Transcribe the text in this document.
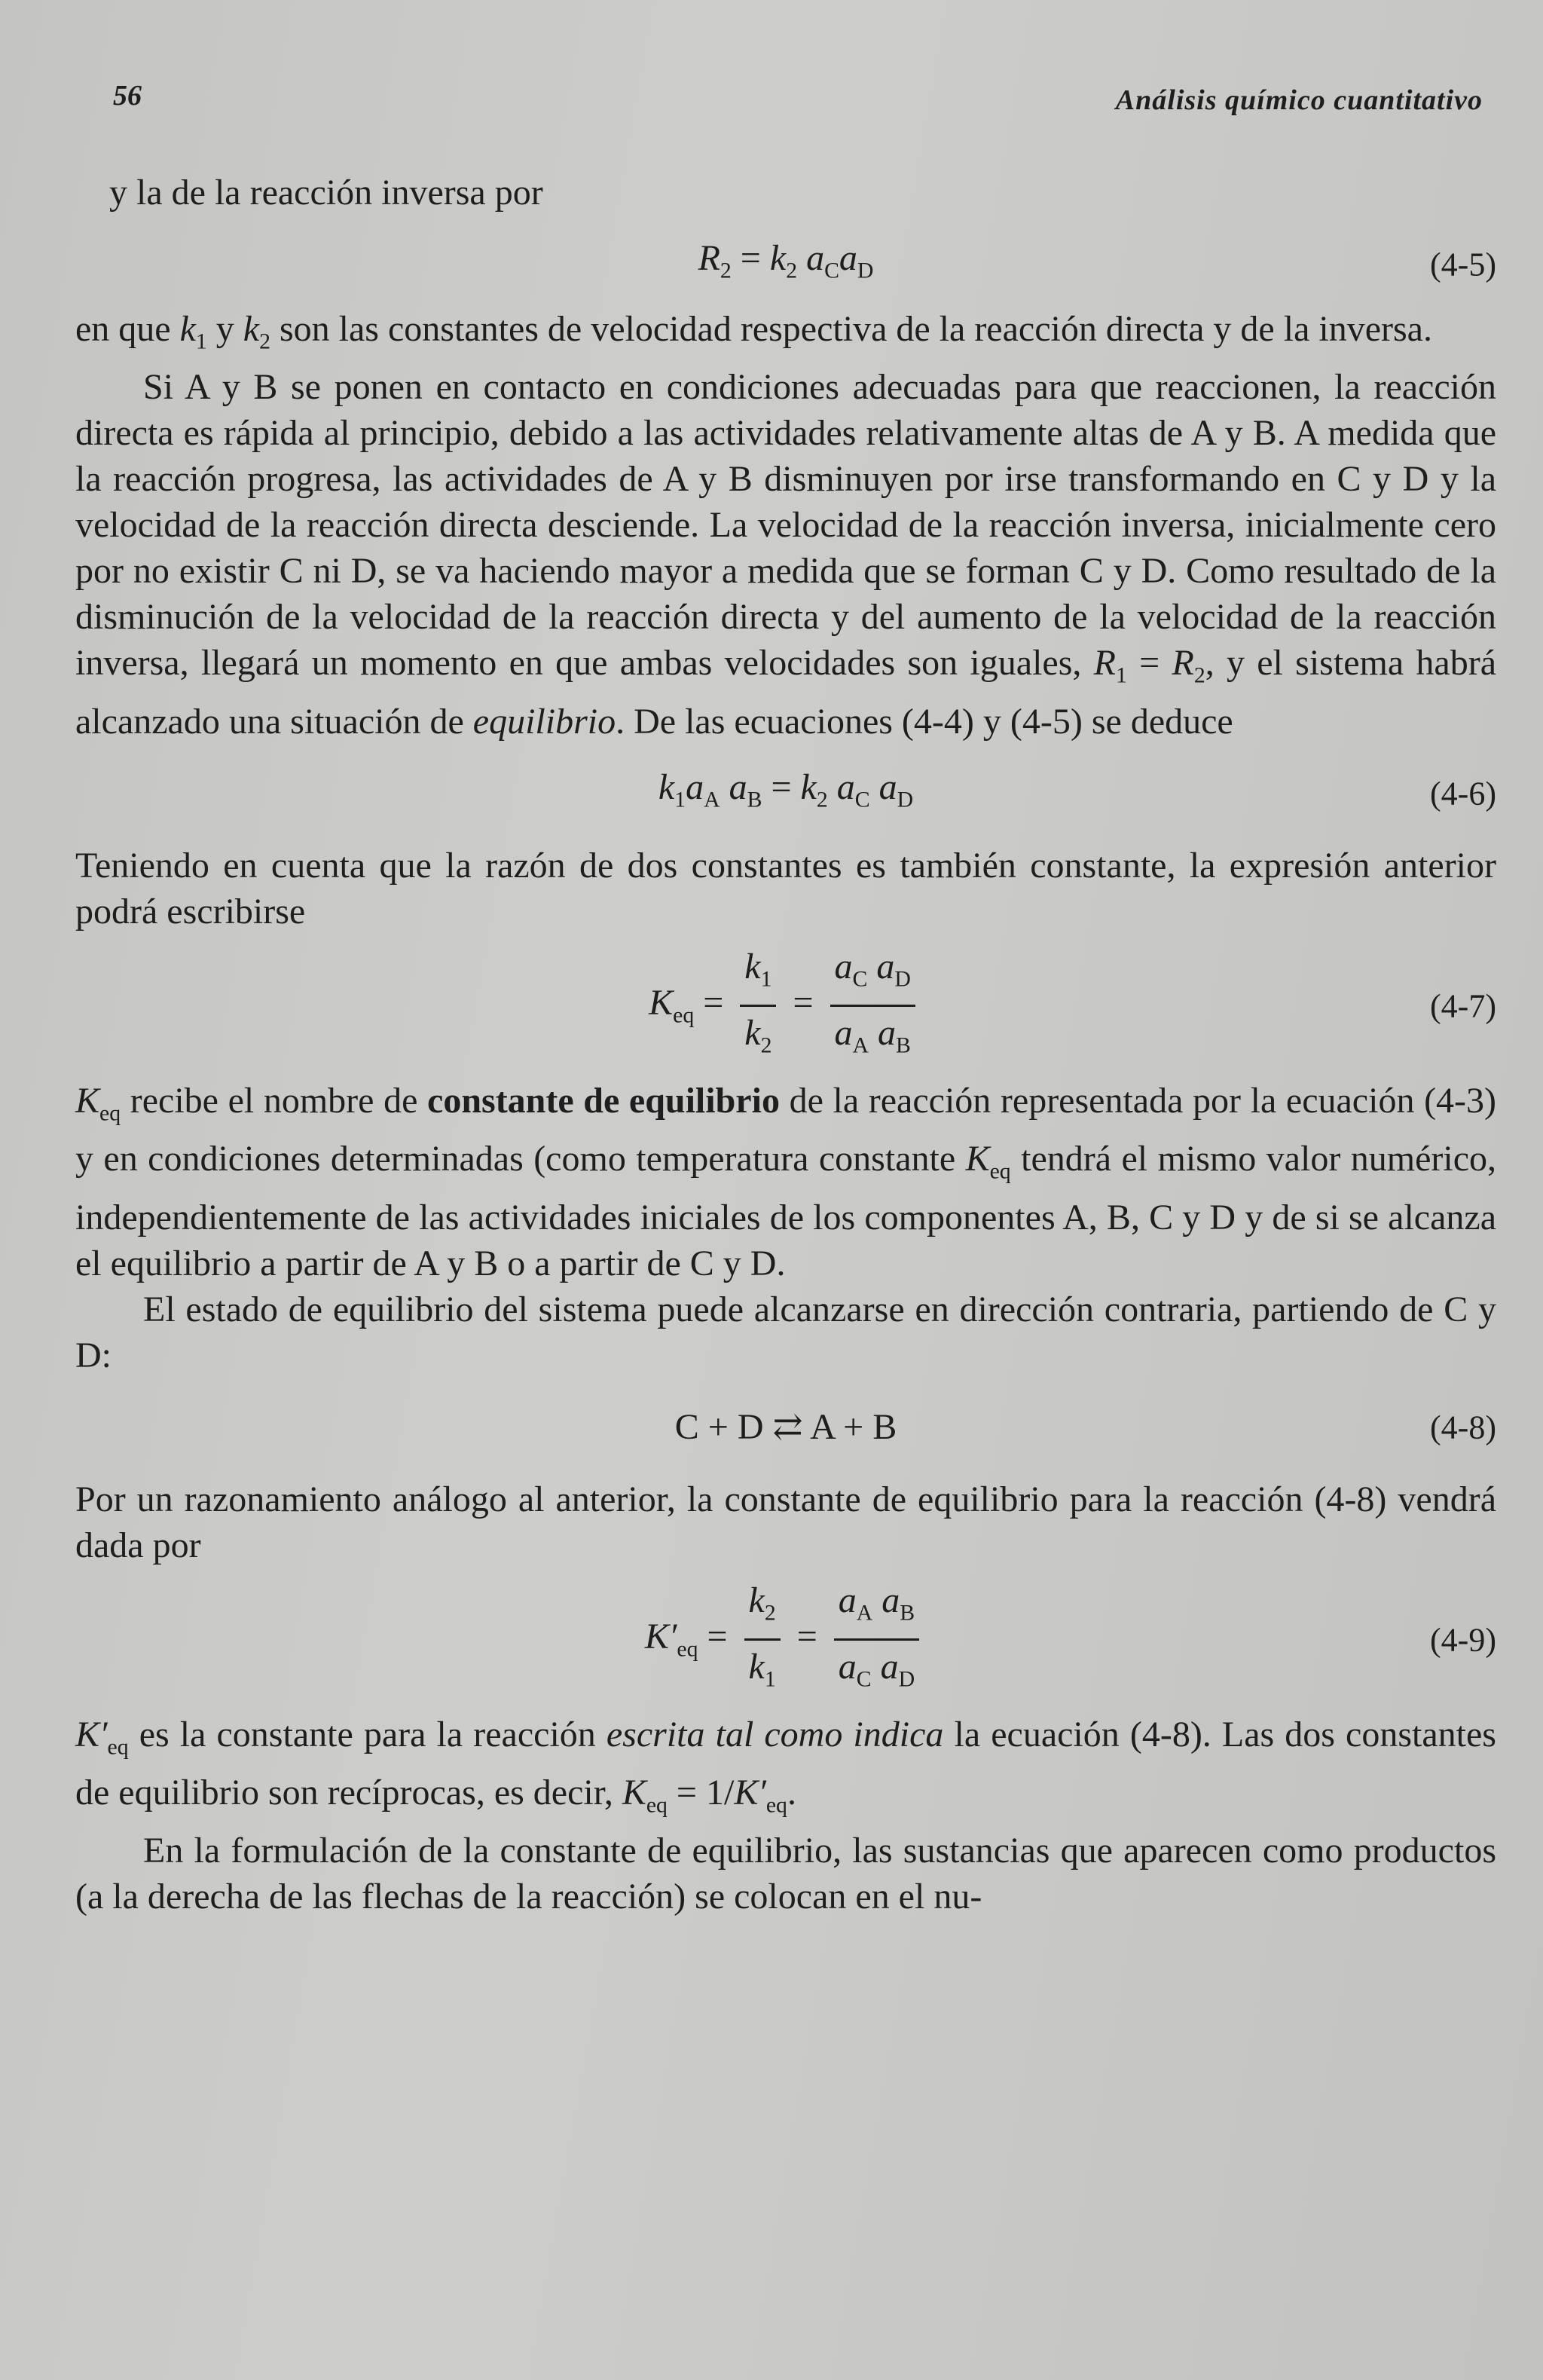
56	Análisis químico cuantitativo

y la de la reacción inversa por

$R_2 = k_2$ $a_Ca_D$	(4-5)

en que $k_1$ y $k_2$ son las constantes de velocidad respectiva de la reacción directa y de la inversa.

Si A y B se ponen en contacto en condiciones adecuadas para que reaccionen, la reacción directa es rápida al principio, debido a las actividades relativamente altas de A y B. A medida que la reacción progresa, las actividades de A y B disminuyen por irse transformando en C y D y la velocidad de la reacción directa desciende. La velocidad de la reacción inversa, inicialmente cero por no existir C ni D, se va haciendo mayor a medida que se forman C y D. Como resultado de la disminución de la velocidad de la reacción directa y del aumento de la velocidad de la reacción inversa, llegará un momento en que ambas velocidades son iguales, $R_1 = R_2$, y el sistema habrá alcanzado una situación de equilibrio. De las ecuaciones (4-4) y (4-5) se deduce

$k_1a_A$ $a_B = k_2$ $a_C$ $a_D$	(4-6)

Teniendo en cuenta que la razón de dos constantes es también constante, la expresión anterior podrá escribirse

$K_{eq} = \frac{k_1}{k_2} = \frac{a_C a_D}{a_A a_B}$	(4-7)

$K_{eq}$ recibe el nombre de constante de equilibrio de la reacción representada por la ecuación (4-3) y en condiciones determinadas (como temperatura constante $K_{eq}$ tendrá el mismo valor numérico, independientemente de las actividades iniciales de los componentes A, B, C y D y de si se alcanza el equilibrio a partir de A y B o a partir de C y D.

El estado de equilibrio del sistema puede alcanzarse en dirección contraria, partiendo de C y D:

C + D ⇄ A + B	(4-8)

Por un razonamiento análogo al anterior, la constante de equilibrio para la reacción (4-8) vendrá dada por

$K'_{eq} = \frac{k_2}{k_1} = \frac{a_A a_B}{a_C a_D}$	(4-9)

$K'_{eq}$ es la constante para la reacción escrita tal como indica la ecuación (4-8). Las dos constantes de equilibrio son recíprocas, es decir, $K_{eq} = 1/K'_{eq}$.

En la formulación de la constante de equilibrio, las sustancias que aparecen como productos (a la derecha de las flechas de la reacción) se colocan en el nu-
